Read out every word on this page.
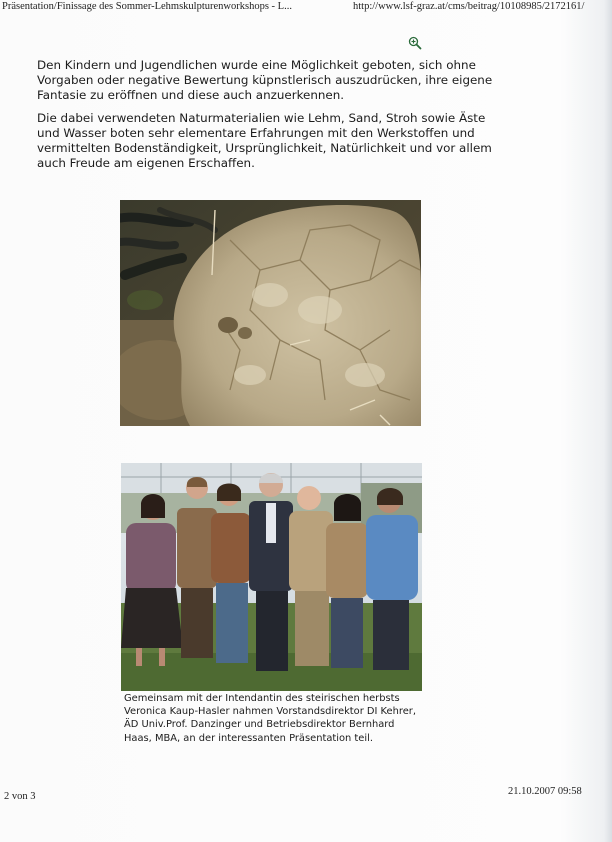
Präsentation/Finissage des Sommer-Lehmskulpturenworkshops - L...	http://www.lsf-graz.at/cms/beitrag/10108985/2172161/
Den Kindern und Jugendlichen wurde eine Möglichkeit geboten, sich ohne Vorgaben oder negative Bewertung küpnstlerisch auszudrücken, ihre eigene Fantasie zu eröffnen und diese auch anzuerkennen.
Die dabei verwendeten Naturmaterialien wie Lehm, Sand, Stroh sowie Äste und Wasser boten sehr elementare Erfahrungen mit den Werkstoffen und vermittelten Bodenständigkeit, Ursprünglichkeit, Natürlichkeit und vor allem auch Freude am eigenen Erschaffen.
Gemeinsam mit der Intendantin des steirischen herbsts Veronica Kaup-Hasler nahmen Vorstandsdirektor DI Kehrer, ÄD Univ.Prof. Danzinger und Betriebsdirektor Bernhard Haas, MBA, an der interessanten Präsentation teil.
2 von 3	21.10.2007 09:58
